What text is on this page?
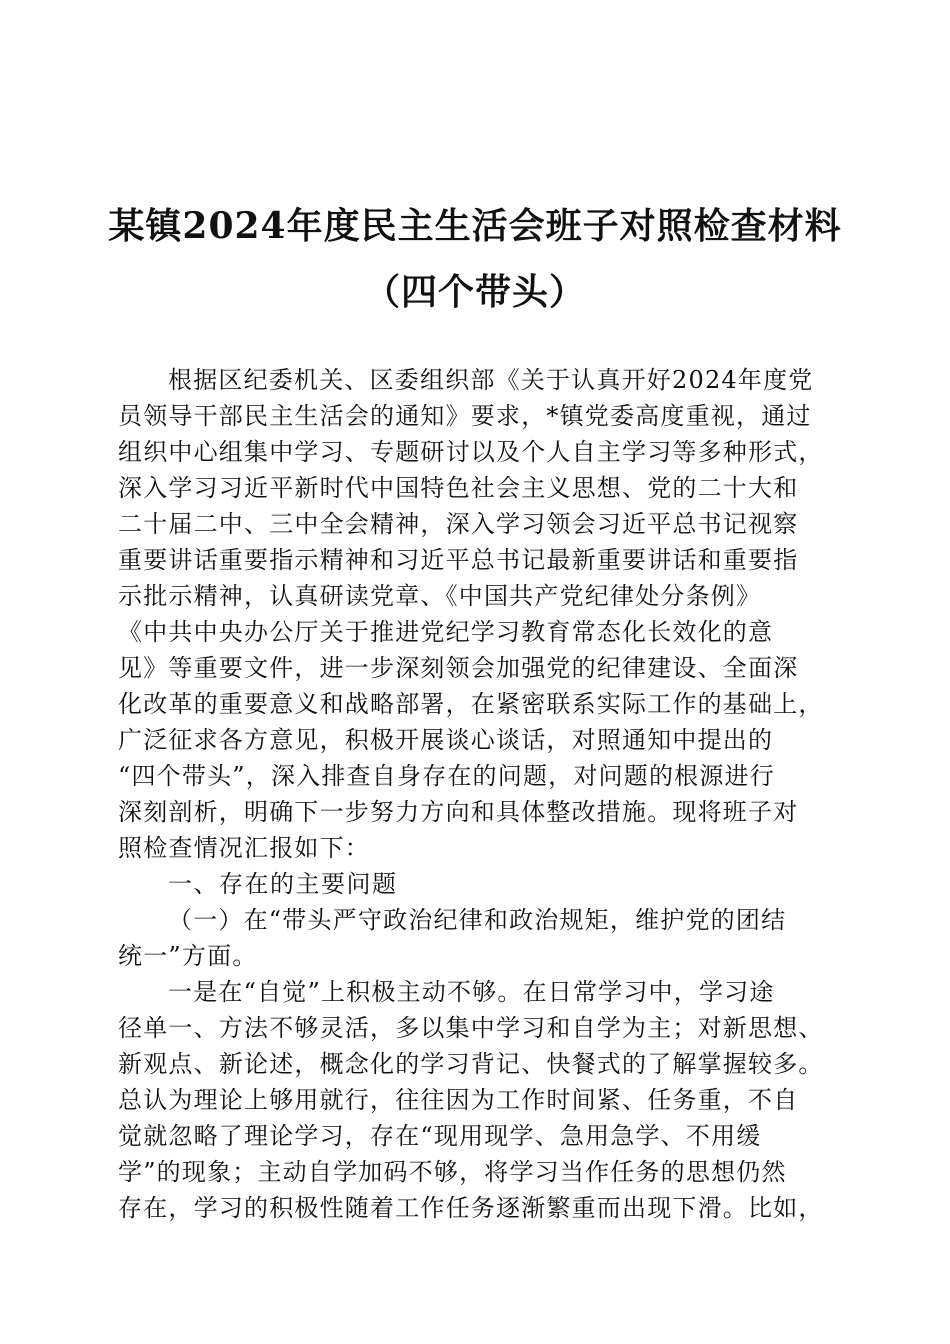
某镇2024年度民主生活会班子对照检查材料
（四个带头）
根据区纪委机关、区委组织部《关于认真开好2024年度党
员领导干部民主生活会的通知》要求，*镇党委高度重视，通过
组织中心组集中学习、专题研讨以及个人自主学习等多种形式，
深入学习习近平新时代中国特色社会主义思想、党的二十大和
二十届二中、三中全会精神，深入学习领会习近平总书记视察
重要讲话重要指示精神和习近平总书记最新重要讲话和重要指
示批示精神，认真研读党章、《中国共产党纪律处分条例》
《中共中央办公厅关于推进党纪学习教育常态化长效化的意
见》等重要文件，进一步深刻领会加强党的纪律建设、全面深
化改革的重要意义和战略部署，在紧密联系实际工作的基础上，
广泛征求各方意见，积极开展谈心谈话，对照通知中提出的
“四个带头”，深入排查自身存在的问题，对问题的根源进行
深刻剖析，明确下一步努力方向和具体整改措施。现将班子对
照检查情况汇报如下：
一、存在的主要问题
（一）在“带头严守政治纪律和政治规矩，维护党的团结
统一”方面。
一是在“自觉”上积极主动不够。在日常学习中，学习途
径单一、方法不够灵活，多以集中学习和自学为主；对新思想、
新观点、新论述，概念化的学习背记、快餐式的了解掌握较多。
总认为理论上够用就行，往往因为工作时间紧、任务重，不自
觉就忽略了理论学习，存在“现用现学、急用急学、不用缓
学”的现象；主动自学加码不够，将学习当作任务的思想仍然
存在，学习的积极性随着工作任务逐渐繁重而出现下滑。比如，
